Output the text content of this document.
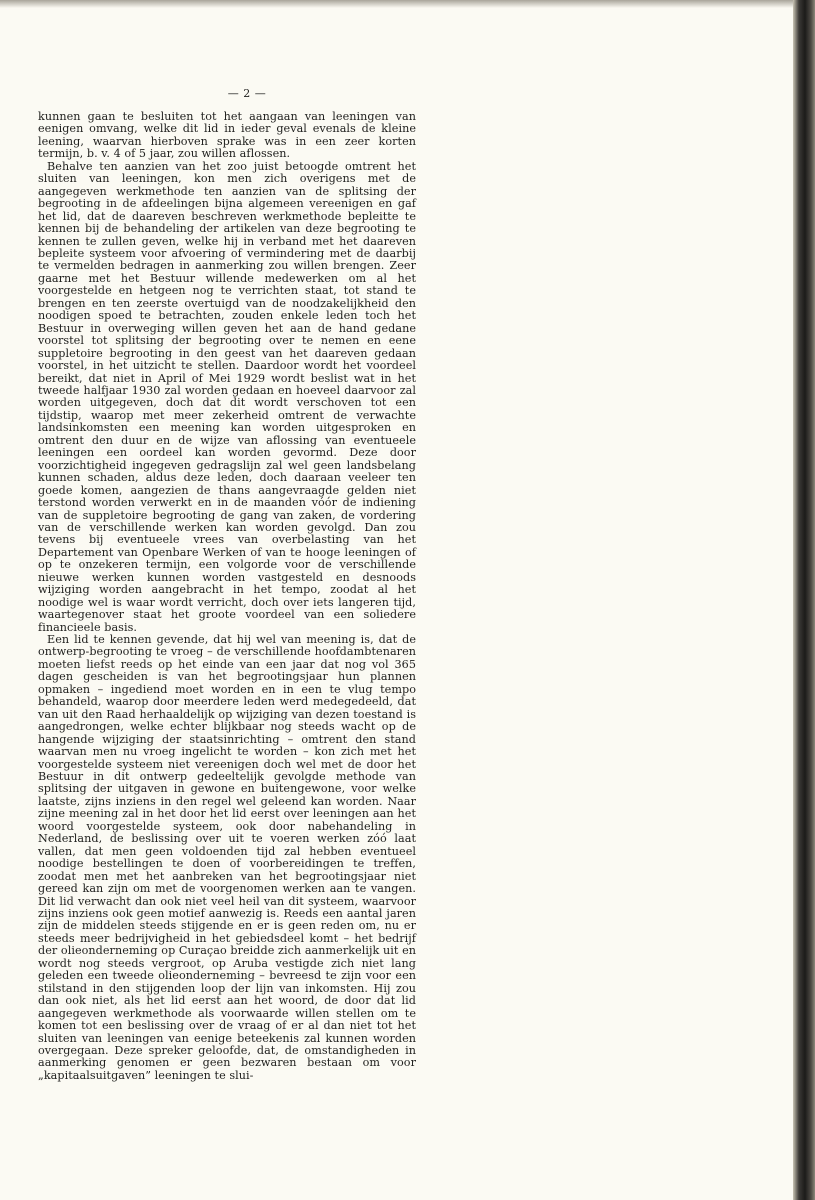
— 2 —

kunnen gaan te besluiten tot het aangaan van leeningen van eenigen omvang, welke dit lid in ieder geval evenals de kleine leening, waarvan hierboven sprake was in een zeer korten termijn, b. v. 4 of 5 jaar, zou willen aflossen.

Behalve ten aanzien van het zoo juist betoogde omtrent het sluiten van leeningen, kon men zich overigens met de aangegeven werkmethode ten aanzien van de splitsing der begrooting in de afdeelingen bijna algemeen vereenigen en gaf het lid, dat de daareven beschreven werkmethode bepleitte te kennen bij de behandeling der artikelen van deze begrooting te kennen te zullen geven, welke hij in verband met het daareven bepleite systeem voor afvoering of vermindering met de daarbij te vermelden bedragen in aanmerking zou willen brengen. Zeer gaarne met het Bestuur willende medewerken om al het voorgestelde en hetgeen nog te verrichten staat, tot stand te brengen en ten zeerste overtuigd van de noodzakelijkheid den noodigen spoed te betrachten, zouden enkele leden toch het Bestuur in overweging willen geven het aan de hand gedane voorstel tot splitsing der begrooting over te nemen en eene suppletoire begrooting in den geest van het daareven gedaan voorstel, in het uitzicht te stellen. Daardoor wordt het voordeel bereikt, dat niet in April of Mei 1929 wordt beslist wat in het tweede halfjaar 1930 zal worden gedaan en hoeveel daarvoor zal worden uitgegeven, doch dat dit wordt verschoven tot een tijdstip, waarop met meer zekerheid omtrent de verwachte landsinkomsten een meening kan worden uitgesproken en omtrent den duur en de wijze van aflossing van eventueele leeningen een oordeel kan worden gevormd. Deze door voorzichtigheid ingegeven gedragslijn zal wel geen landsbelang kunnen schaden, aldus deze leden, doch daaraan veeleer ten goede komen, aangezien de thans aangevraagde gelden niet terstond worden verwerkt en in de maanden vóór de indiening van de suppletoire begrooting de gang van zaken, de vordering van de verschillende werken kan worden gevolgd. Dan zou tevens bij eventueele vrees van overbelasting van het Departement van Openbare Werken of van te hooge leeningen of op te onzekeren termijn, een volgorde voor de verschillende nieuwe werken kunnen worden vastgesteld en desnoods wijziging worden aangebracht in het tempo, zoodat al het noodige wel is waar wordt verricht, doch over iets langeren tijd, waartegenover staat het groote voordeel van een soliedere financieele basis.

Een lid te kennen gevende, dat hij wel van meening is, dat de ontwerp-begrooting te vroeg – de verschillende hoofdambtenaren moeten liefst reeds op het einde van een jaar dat nog vol 365 dagen gescheiden is van het begrootingsjaar hun plannen opmaken – ingediend moet worden en in een te vlug tempo behandeld, waarop door meerdere leden werd medegedeeld, dat van uit den Raad herhaaldelijk op wijziging van dezen toestand is aangedrongen, welke echter blijkbaar nog steeds wacht op de hangende wijziging der staatsinrichting – omtrent den stand waarvan men nu vroeg ingelicht te worden – kon zich met het voorgestelde systeem niet vereenigen doch wel met de door het Bestuur in dit ontwerp gedeeltelijk gevolgde methode van splitsing der uitgaven in gewone en buitengewone, voor welke laatste, zijns inziens in den regel wel geleend kan worden. Naar zijne meening zal in het door het lid eerst over leeningen aan het woord voorgestelde systeem, ook door nabehandeling in Nederland, de beslissing over uit te voeren werken zóó laat vallen, dat men geen voldoenden tijd zal hebben eventueel noodige bestellingen te doen of voorbereidingen te treffen, zoodat men met het aanbreken van het begrootingsjaar niet gereed kan zijn om met de voorgenomen werken aan te vangen. Dit lid verwacht dan ook niet veel heil van dit systeem, waarvoor zijns inziens ook geen motief aanwezig is. Reeds een aantal jaren zijn de middelen steeds stijgende en er is geen reden om, nu er steeds meer bedrijvigheid in het gebiedsdeel komt – het bedrijf der olieonderneming op Curaçao breidde zich aanmerkelijk uit en wordt nog steeds vergroot, op Aruba vestigde zich niet lang geleden een tweede olieonderneming – bevreesd te zijn voor een stilstand in den stijgenden loop der lijn van inkomsten. Hij zou dan ook niet, als het lid eerst aan het woord, de door dat lid aangegeven werkmethode als voorwaarde willen stellen om te komen tot een beslissing over de vraag of er al dan niet tot het sluiten van leeningen van eenige beteekenis zal kunnen worden overgegaan. Deze spreker geloofde, dat, de omstandigheden in aanmerking genomen er geen bezwaren bestaan om voor „kapitaalsuitgaven” leeningen te slui-
